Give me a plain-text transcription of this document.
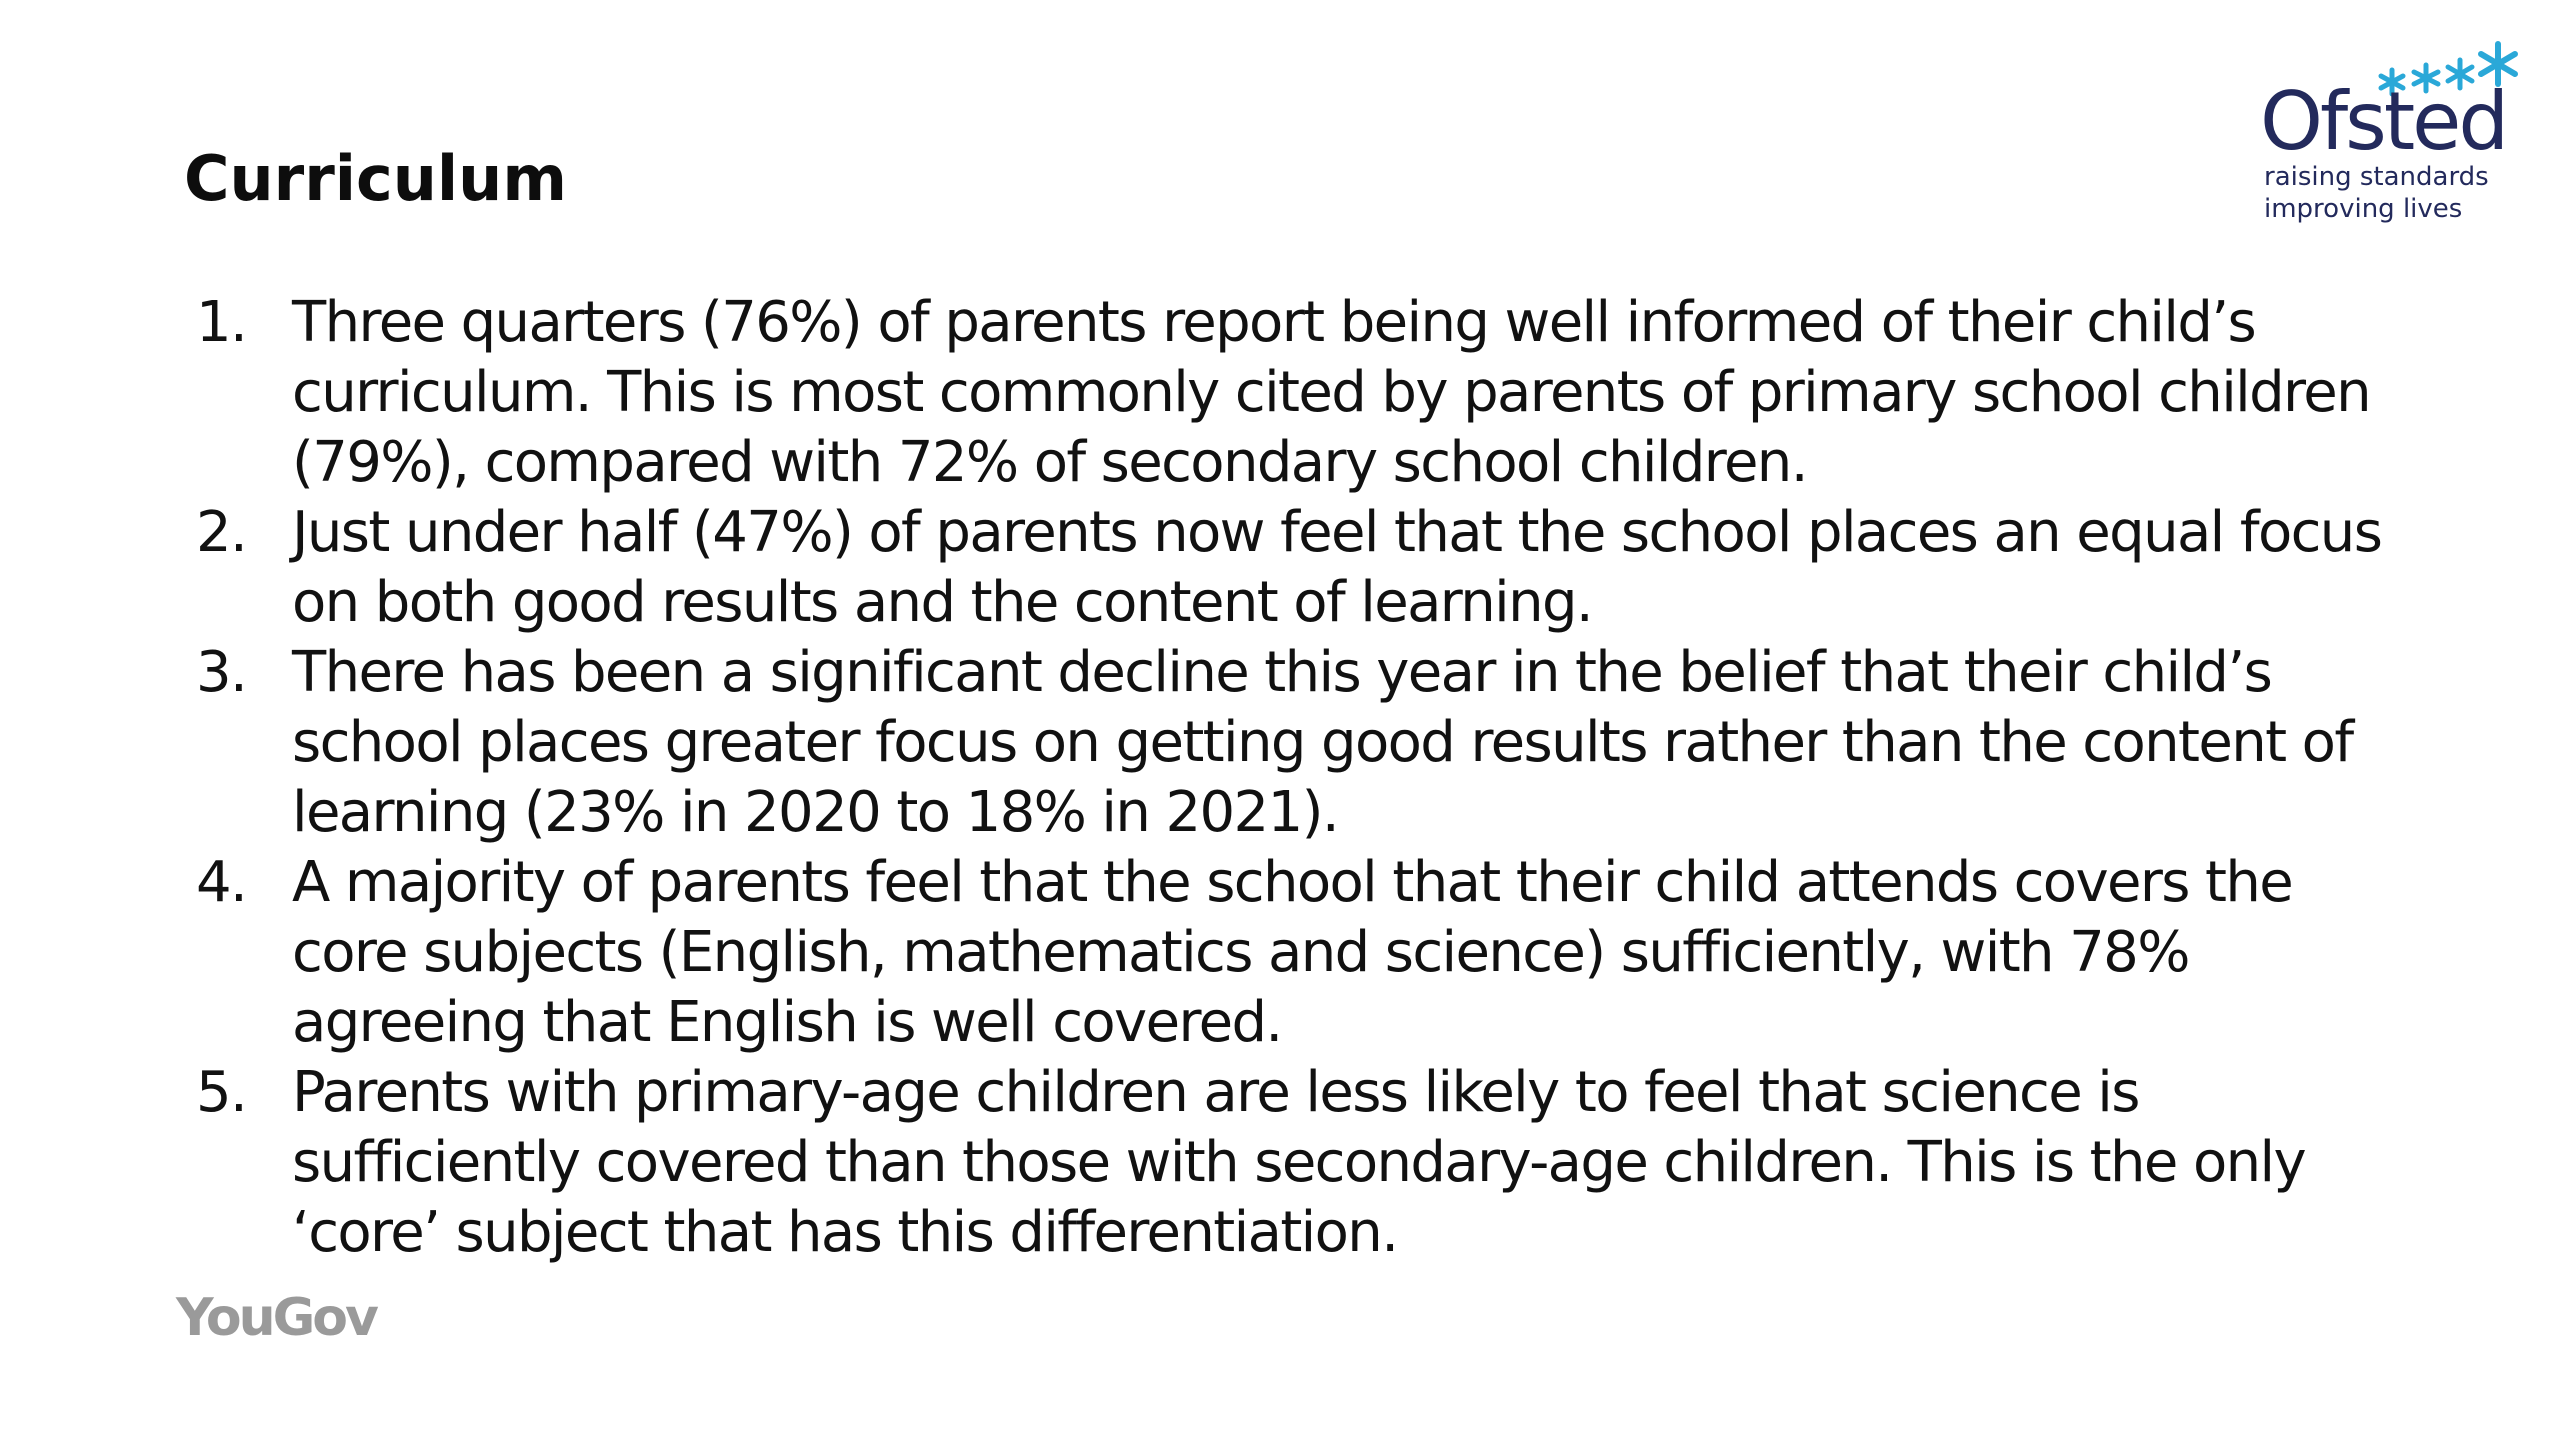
Curriculum
Ofsted
raising standards
improving lives
1. Three quarters (76%) of parents report being well informed of their child’s curriculum. This is most commonly cited by parents of primary school children (79%), compared with 72% of secondary school children.
2. Just under half (47%) of parents now feel that the school places an equal focus on both good results and the content of learning.
3. There has been a significant decline this year in the belief that their child’s school places greater focus on getting good results rather than the content of learning (23% in 2020 to 18% in 2021).
4. A majority of parents feel that the school that their child attends covers the core subjects (English, mathematics and science) sufficiently, with 78% agreeing that English is well covered.
5. Parents with primary-age children are less likely to feel that science is sufficiently covered than those with secondary-age children. This is the only ‘core’ subject that has this differentiation.
YouGov
